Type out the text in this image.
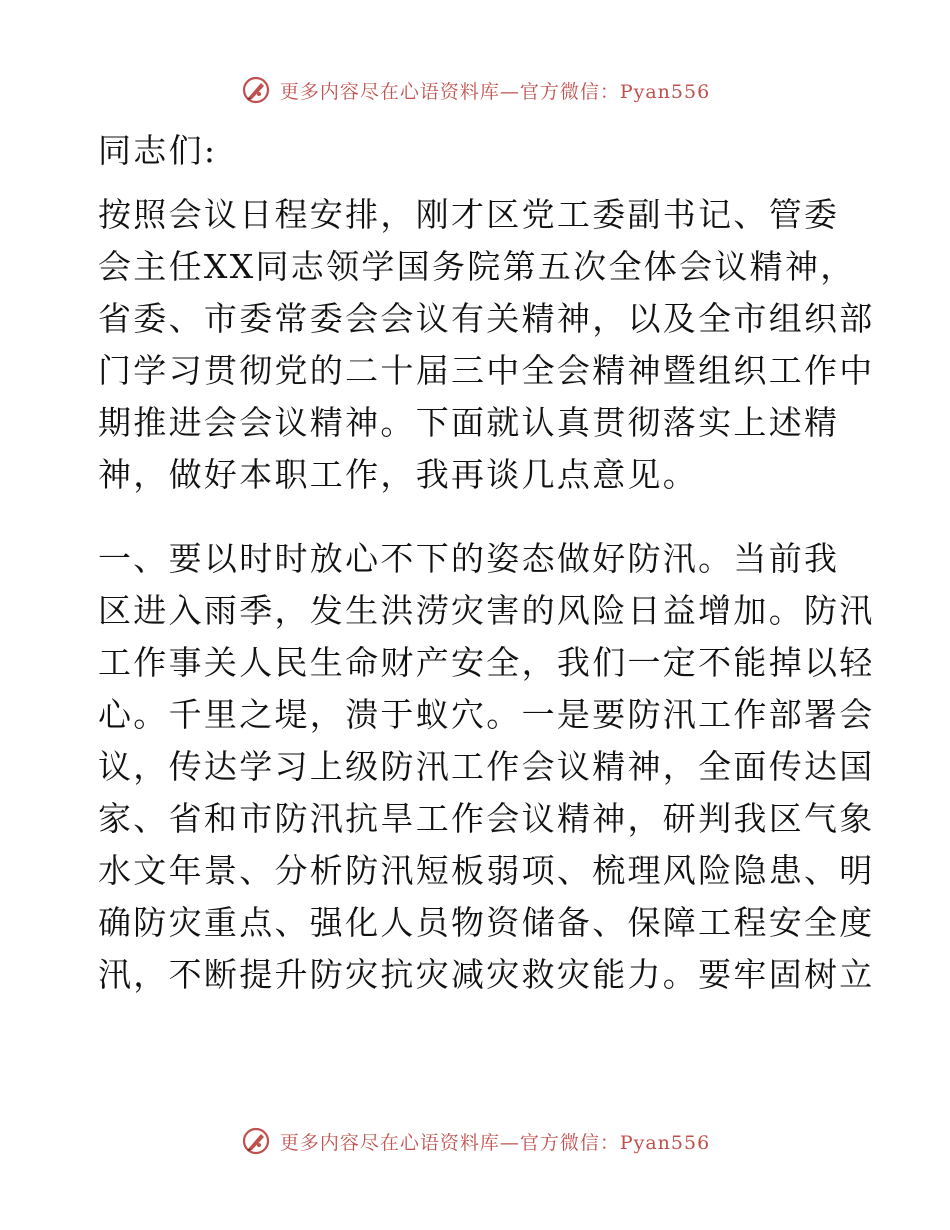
更多内容尽在心语资料库—官方微信：Pyan556
同志们:
按照会议日程安排，刚才区党工委副书记、管委
会主任XX同志领学国务院第五次全体会议精神，
省委、市委常委会会议有关精神，以及全市组织部
门学习贯彻党的二十届三中全会精神暨组织工作中
期推进会会议精神。下面就认真贯彻落实上述精
神，做好本职工作，我再谈几点意见。
一、要以时时放心不下的姿态做好防汛。当前我
区进入雨季，发生洪涝灾害的风险日益增加。防汛
工作事关人民生命财产安全，我们一定不能掉以轻
心。千里之堤，溃于蚁穴。一是要防汛工作部署会
议，传达学习上级防汛工作会议精神，全面传达国
家、省和市防汛抗旱工作会议精神，研判我区气象
水文年景、分析防汛短板弱项、梳理风险隐患、明
确防灾重点、强化人员物资储备、保障工程安全度
汛，不断提升防灾抗灾减灾救灾能力。要牢固树立
更多内容尽在心语资料库—官方微信：Pyan556
